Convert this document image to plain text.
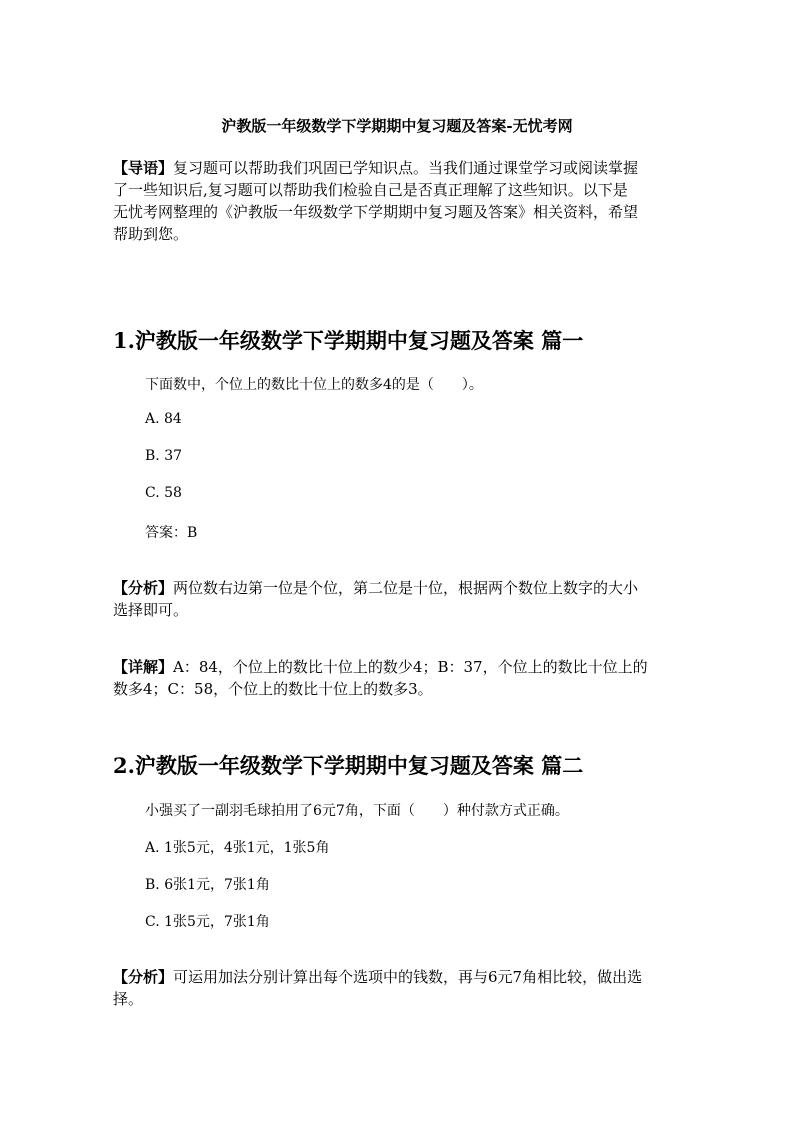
沪教版一年级数学下学期期中复习题及答案-无忧考网
【导语】复习题可以帮助我们巩固已学知识点。当我们通过课堂学习或阅读掌握
了一些知识后,复习题可以帮助我们检验自己是否真正理解了这些知识。以下是
无忧考网整理的《沪教版一年级数学下学期期中复习题及答案》相关资料，希望
帮助到您。
1.沪教版一年级数学下学期期中复习题及答案 篇一
下面数中，个位上的数比十位上的数多4的是（　　）。
A. 84
B. 37
C. 58
答案：B
【分析】两位数右边第一位是个位，第二位是十位，根据两个数位上数字的大小
选择即可。
【详解】A：84，个位上的数比十位上的数少4；B：37，个位上的数比十位上的
数多4；C：58，个位上的数比十位上的数多3。
2.沪教版一年级数学下学期期中复习题及答案 篇二
小强买了一副羽毛球拍用了6元7角，下面（　　）种付款方式正确。
A. 1张5元，4张1元，1张5角
B. 6张1元，7张1角
C. 1张5元，7张1角
【分析】可运用加法分别计算出每个选项中的钱数，再与6元7角相比较，做出选
择。
